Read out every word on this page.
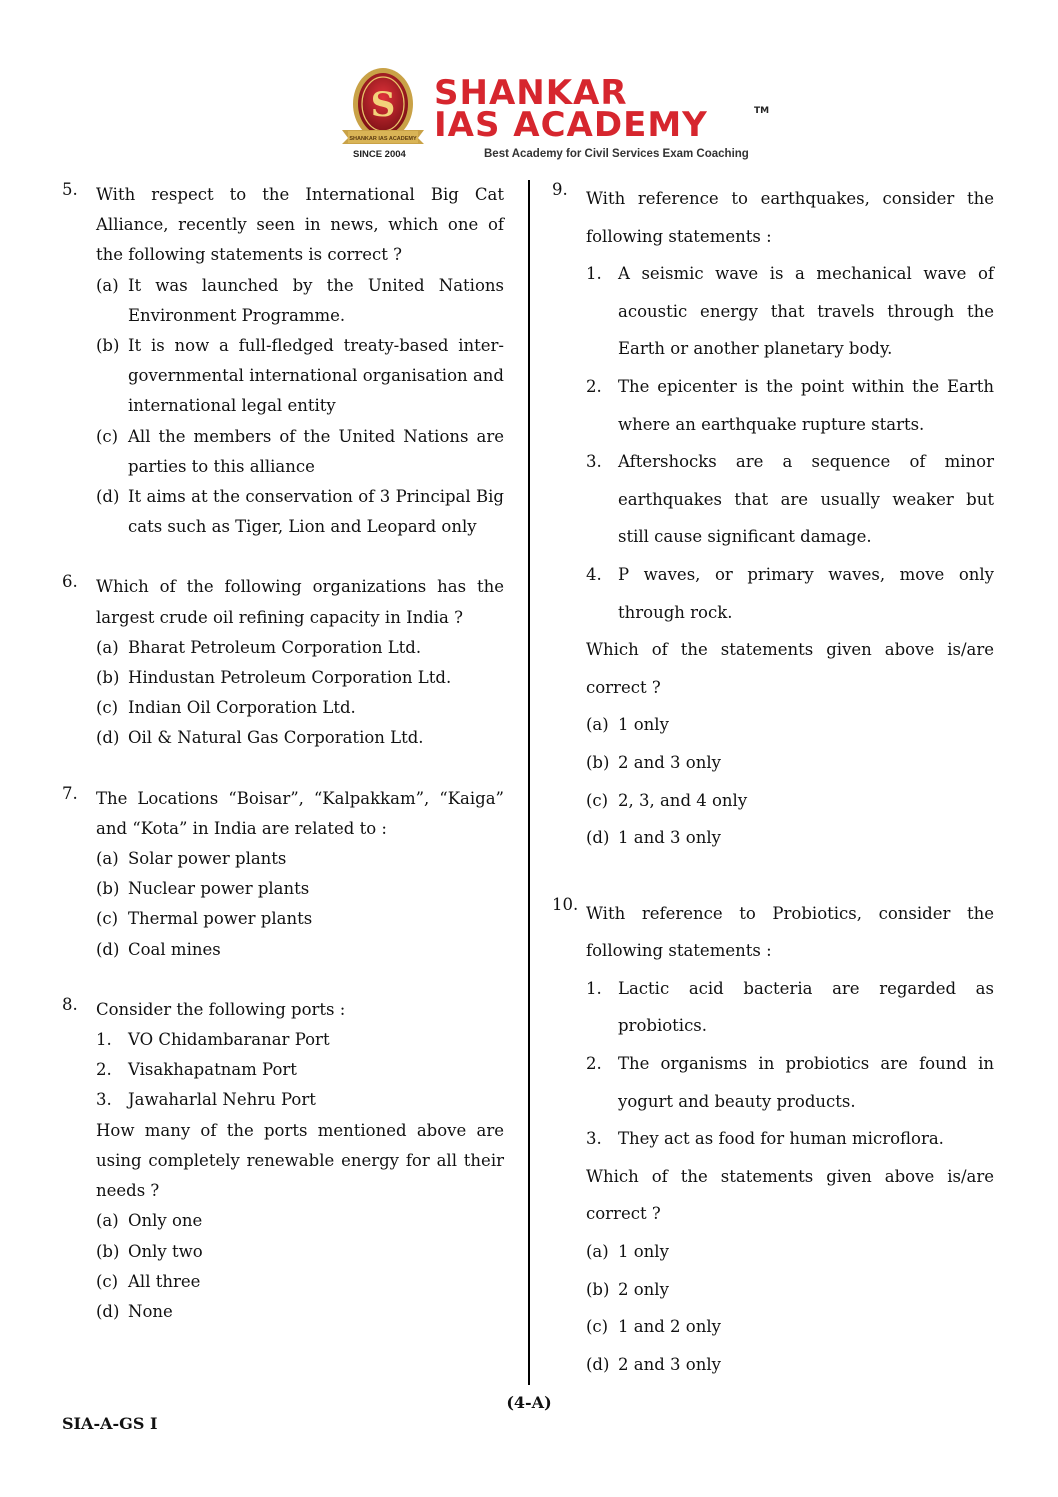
S
SHANKAR IAS ACADEMY
SHANKAR
IAS ACADEMY	TM
SINCE 2004	Best Academy for Civil Services Exam Coaching
5.	With respect to the International Big Cat Alliance, recently seen in news, which one of the following statements is correct ?
(a) It was launched by the United Nations Environment Programme.
(b) It is now a full-fledged treaty-based inter-governmental international organisation and international legal entity
(c) All the members of the United Nations are parties to this alliance
(d) It aims at the conservation of 3 Principal Big cats such as Tiger, Lion and Leopard only
6.	Which of the following organizations has the largest crude oil refining capacity in India ?
(a) Bharat Petroleum Corporation Ltd.
(b) Hindustan Petroleum Corporation Ltd.
(c) Indian Oil Corporation Ltd.
(d) Oil & Natural Gas Corporation Ltd.
7.	The Locations “Boisar”, “Kalpakkam”, “Kaiga” and “Kota” in India are related to :
(a) Solar power plants
(b) Nuclear power plants
(c) Thermal power plants
(d) Coal mines
8.	Consider the following ports :
1. VO Chidambaranar Port
2. Visakhapatnam Port
3. Jawaharlal Nehru Port
How many of the ports mentioned above are using completely renewable energy for all their needs ?
(a) Only one
(b) Only two
(c) All three
(d) None
9.	With reference to earthquakes, consider the following statements :
1. A seismic wave is a mechanical wave of acoustic energy that travels through the Earth or another planetary body.
2. The epicenter is the point within the Earth where an earthquake rupture starts.
3. Aftershocks are a sequence of minor earthquakes that are usually weaker but still cause significant damage.
4. P waves, or primary waves, move only through rock.
Which of the statements given above is/are correct ?
(a) 1 only
(b) 2 and 3 only
(c) 2, 3, and 4 only
(d) 1 and 3 only
10. With reference to Probiotics, consider the following statements :
1. Lactic acid bacteria are regarded as probiotics.
2. The organisms in probiotics are found in yogurt and beauty products.
3. They act as food for human microflora.
Which of the statements given above is/are correct ?
(a) 1 only
(b) 2 only
(c) 1 and 2 only
(d) 2 and 3 only
(4-A)
SIA-A-GS I
